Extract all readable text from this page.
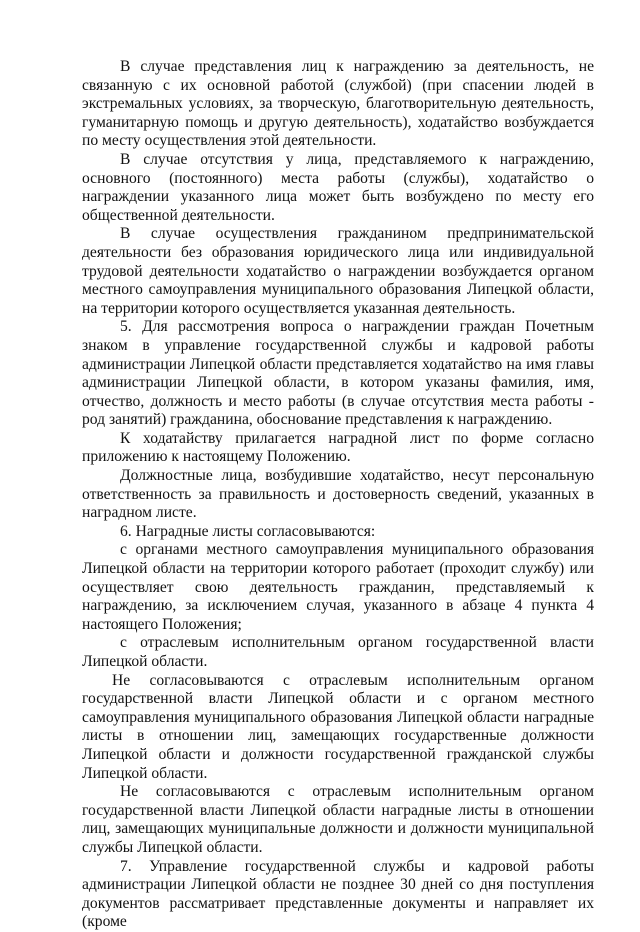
В случае представления лиц к награждению за деятельность, не связанную с их основной работой (службой) (при спасении людей в экстремальных условиях, за творческую, благотворительную деятельность, гуманитарную помощь и другую деятельность), ходатайство возбуждается по месту осуществления этой деятельности.

В случае отсутствия у лица, представляемого к награждению, основного (постоянного) места работы (службы), ходатайство о награждении указанного лица может быть возбуждено по месту его общественной деятельности.

В случае осуществления гражданином предпринимательской деятельности без образования юридического лица или индивидуальной трудовой деятельности ходатайство о награждении возбуждается органом местного самоуправления муниципального образования Липецкой области, на территории которого осуществляется указанная деятельность.

5. Для рассмотрения вопроса о награждении граждан Почетным знаком в управление государственной службы и кадровой работы администрации Липецкой области представляется ходатайство на имя главы администрации Липецкой области, в котором указаны фамилия, имя, отчество, должность и место работы (в случае отсутствия места работы - род занятий) гражданина, обоснование представления к награждению.

К ходатайству прилагается наградной лист по форме согласно приложению к настоящему Положению.

Должностные лица, возбудившие ходатайство, несут персональную ответственность за правильность и достоверность сведений, указанных в наградном листе.

6. Наградные листы согласовываются:

с органами местного самоуправления муниципального образования Липецкой области на территории которого работает (проходит службу) или осуществляет свою деятельность гражданин, представляемый к награждению, за исключением случая, указанного в абзаце 4 пункта 4 настоящего Положения;

с отраслевым исполнительным органом государственной власти Липецкой области.

Не согласовываются с отраслевым исполнительным органом государственной власти Липецкой области и с органом местного самоуправления муниципального образования Липецкой области наградные листы в отношении лиц, замещающих государственные должности Липецкой области и должности государственной гражданской службы Липецкой области.

Не согласовываются с отраслевым исполнительным органом государственной власти Липецкой области наградные листы в отношении лиц, замещающих муниципальные должности и должности муниципальной службы Липецкой области.

7. Управление государственной службы и кадровой работы администрации Липецкой области не позднее 30 дней со дня поступления документов рассматривает представленные документы и направляет их (кроме
